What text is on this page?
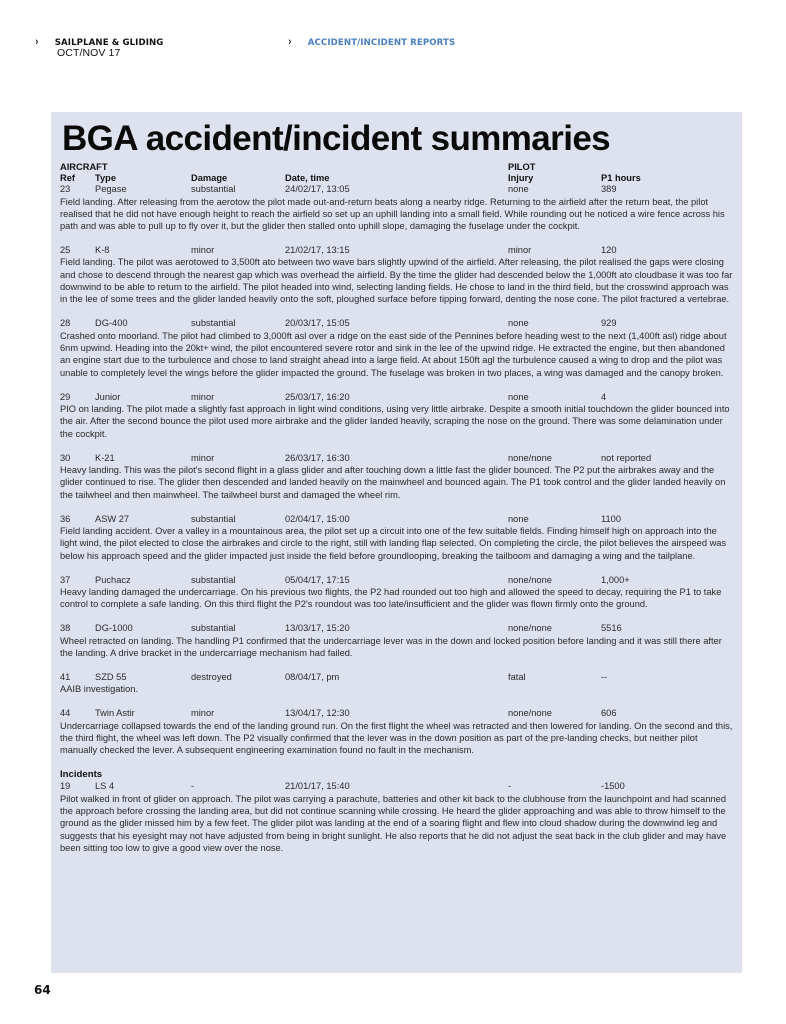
› SAILPLANE & GLIDING
OCT/NOV 17
› ACCIDENT/INCIDENT REPORTS
BGA accident/incident summaries
AIRCRAFT	PILOT
Ref Type	Damage	Date, time	Injury	P1 hours
23	Pegase	substantial	24/02/17, 13:05	none	389

Field landing. After releasing from the aerotow the pilot made out-and-return beats along a nearby ridge. Returning to the airfield after the return beat, the pilot realised that he did not have enough height to reach the airfield so set up an uphill landing into a small field. While rounding out he noticed a wire fence across his path and was able to pull up to fly over it, but the glider then stalled onto uphill slope, damaging the fuselage under the cockpit.

25	K-8	minor	21/02/17, 13:15	minor	120

Field landing. The pilot was aerotowed to 3,500ft ato between two wave bars slightly upwind of the airfield. After releasing, the pilot realised the gaps were closing and chose to descend through the nearest gap which was overhead the airfield. By the time the glider had descended below the 1,000ft ato cloudbase it was too far downwind to be able to return to the airfield. The pilot headed into wind, selecting landing fields. He chose to land in the third field, but the crosswind approach was in the lee of some trees and the glider landed heavily onto the soft, ploughed surface before tipping forward, denting the nose cone. The pilot fractured a vertebrae.

28	DG-400	substantial	20/03/17, 15:05	none	929

Crashed onto moorland. The pilot had climbed to 3,000ft asl over a ridge on the east side of the Pennines before heading west to the next (1,400ft asl) ridge about 6nm upwind. Heading into the 20kt+ wind, the pilot encountered severe rotor and sink in the lee of the upwind ridge. He extracted the engine, but then abandoned an engine start due to the turbulence and chose to land straight ahead into a large field. At about 150ft agl the turbulence caused a wing to drop and the pilot was unable to completely level the wings before the glider impacted the ground. The fuselage was broken in two places, a wing was damaged and the canopy broken.

29	Junior	minor	25/03/17, 16:20	none	4

PIO on landing. The pilot made a slightly fast approach in light wind conditions, using very little airbrake. Despite a smooth initial touchdown the glider bounced into the air. After the second bounce the pilot used more airbrake and the glider landed heavily, scraping the nose on the ground. There was some delamination under the cockpit.

30	K-21	minor	26/03/17, 16:30	none/none	not reported

Heavy landing. This was the pilot's second flight in a glass glider and after touching down a little fast the glider bounced. The P2 put the airbrakes away and the glider continued to rise. The glider then descended and landed heavily on the mainwheel and bounced again. The P1 took control and the glider landed heavily on the tailwheel and then mainwheel. The tailwheel burst and damaged the wheel rim.

36	ASW 27	substantial	02/04/17, 15:00	none	1100

Field landing accident. Over a valley in a mountainous area, the pilot set up a circuit into one of the few suitable fields. Finding himself high on approach into the light wind, the pilot elected to close the airbrakes and circle to the right, still with landing flap selected. On completing the circle, the pilot believes the airspeed was below his approach speed and the glider impacted just inside the field before groundlooping, breaking the tailboom and damaging a wing and the tailplane.

37	Puchacz	substantial	05/04/17, 17:15	none/none	1,000+

Heavy landing damaged the undercarriage. On his previous two flights, the P2 had rounded out too high and allowed the speed to decay, requiring the P1 to take control to complete a safe landing. On this third flight the P2's roundout was too late/insufficient and the glider was flown firmly onto the ground.

38	DG-1000	substantial	13/03/17, 15:20	none/none	5516

Wheel retracted on landing. The handling P1 confirmed that the undercarriage lever was in the down and locked position before landing and it was still there after the landing. A drive bracket in the undercarriage mechanism had failed.

41	SZD 55	destroyed	08/04/17, pm	fatal	--

AAIB investigation.

44	Twin Astir	minor	13/04/17, 12:30	none/none	606

Undercarriage collapsed towards the end of the landing ground run. On the first flight the wheel was retracted and then lowered for landing. On the second and this, the third flight, the wheel was left down. The P2 visually confirmed that the lever was in the down position as part of the pre-landing checks, but neither pilot manually checked the lever. A subsequent engineering examination found no fault in the mechanism.

Incidents
19	LS 4	-	21/01/17, 15:40	-	-1500

Pilot walked in front of glider on approach. The pilot was carrying a parachute, batteries and other kit back to the clubhouse from the launchpoint and had scanned the approach before crossing the landing area, but did not continue scanning while crossing. He heard the glider approaching and was able to throw himself to the ground as the glider missed him by a few feet. The glider pilot was landing at the end of a soaring flight and flew into cloud shadow during the downwind leg and suggests that his eyesight may not have adjusted from being in bright sunlight. He also reports that he did not adjust the seat back in the club glider and may have been sitting too low to give a good view over the nose.

64
